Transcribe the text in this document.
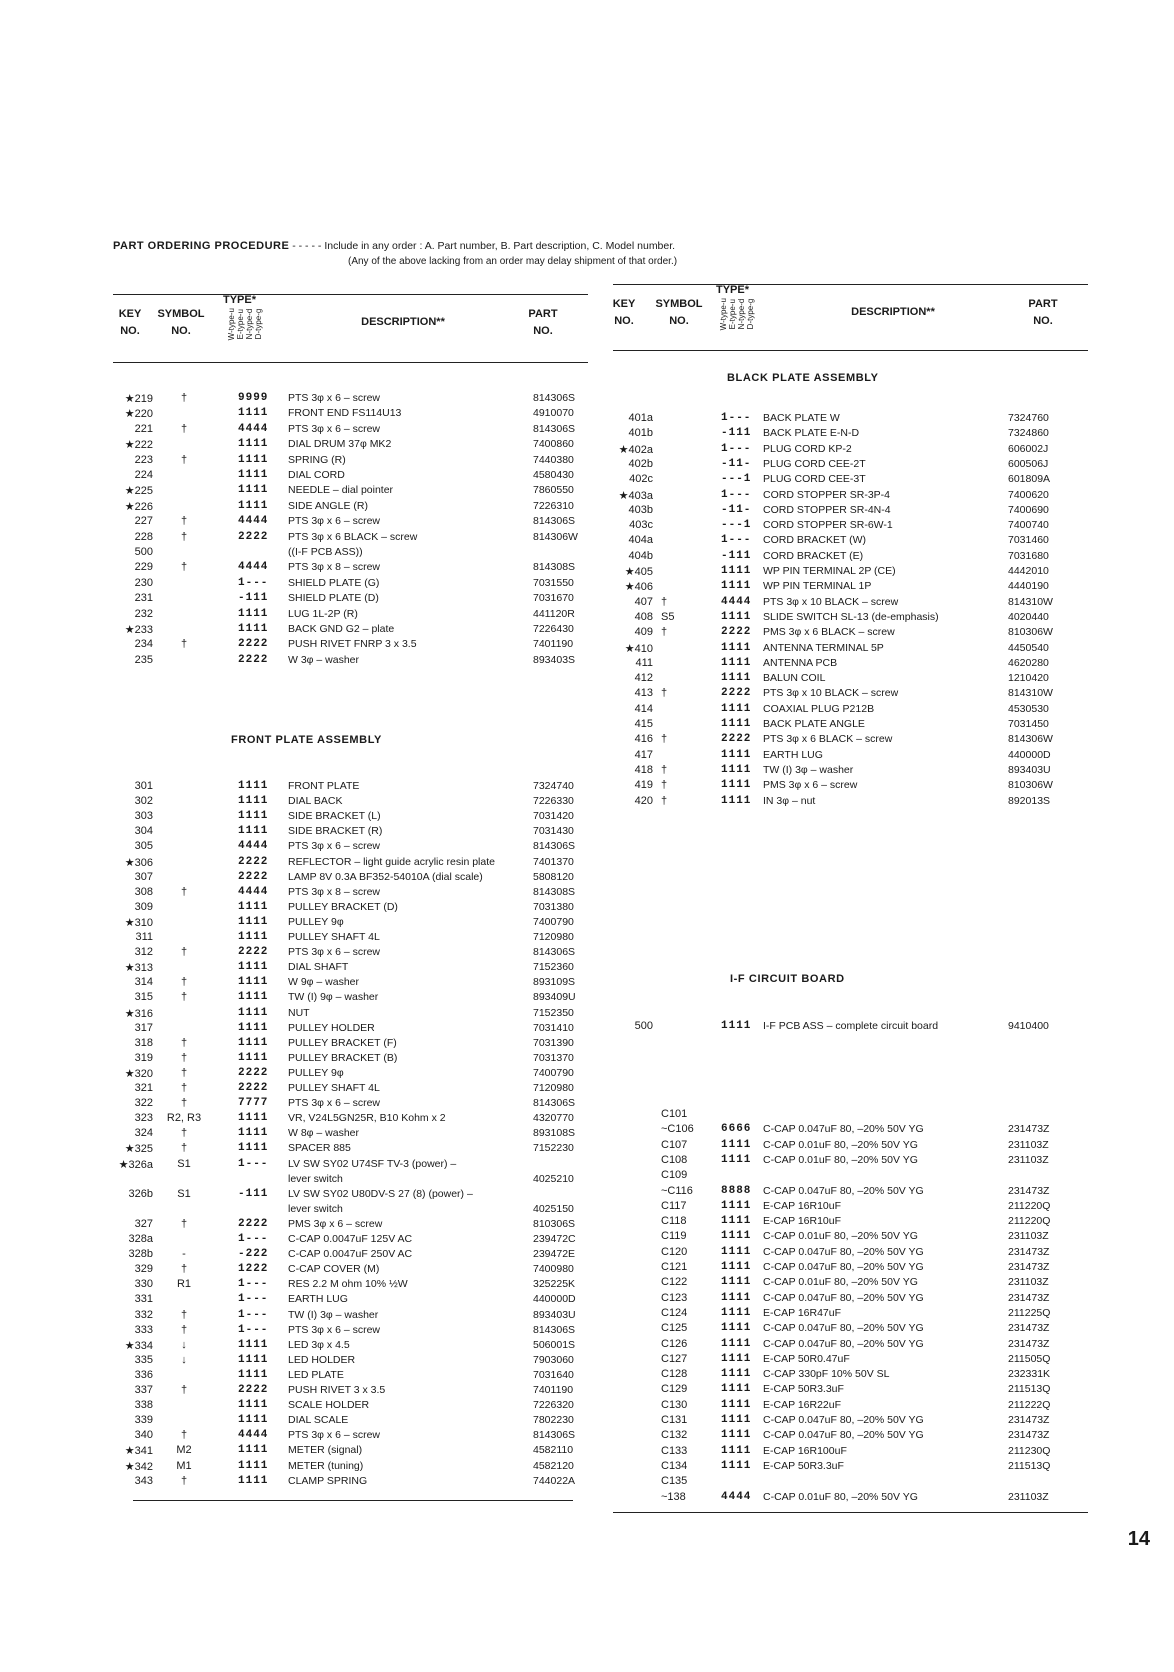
PART ORDERING PROCEDURE - - - - - Include in any order : A. Part number, B. Part description, C. Model number.
(Any of the above lacking from an order may delay shipment of that order.)
KEY
NO.
SYMBOL
NO.
TYPE*
W-type-u
E-type-u
N-type-d
D-type-g	DESCRIPTION**
PART
NO.
★219	†	9999 PTS 3φ x 6 – screw	814306S
★220	1111 FRONT END FS114U13	4910070
221	†	4444 PTS 3φ x 6 – screw	814306S
★222	1111 DIAL DRUM 37φ MK2	7400860
223	†	1111 SPRING (R)	7440380
224	1111 DIAL CORD	4580430
★225	1111 NEEDLE – dial pointer	7860550
★226	1111 SIDE ANGLE (R)	7226310
227	†	4444 PTS 3φ x 6 – screw	814306S
228	†	2222 PTS 3φ x 6 BLACK – screw	814306W
500	((I-F PCB ASS))
229	†	4444 PTS 3φ x 8 – screw	814308S
230	1--- SHIELD PLATE (G)	7031550
231	-111 SHIELD PLATE (D)	7031670
232	1111 LUG 1L-2P (R)	441120R
★233	1111 BACK GND G2 – plate	7226430
234	†	2222 PUSH RIVET FNRP 3 x 3.5	7401190
235	2222 W 3φ – washer	893403S
FRONT PLATE ASSEMBLY
301	1111 FRONT PLATE	7324740
302	1111 DIAL BACK	7226330
303	1111 SIDE BRACKET (L)	7031420
304	1111 SIDE BRACKET (R)	7031430
305	4444 PTS 3φ x 6 – screw	814306S
★306	2222 REFLECTOR – light guide acrylic resin plate	7401370
307	2222 LAMP 8V 0.3A BF352-54010A (dial scale)	5808120
308	†	4444 PTS 3φ x 8 – screw	814308S
309	1111 PULLEY BRACKET (D)	7031380
★310	1111 PULLEY 9φ	7400790
311	1111 PULLEY SHAFT 4L	7120980
312	†	2222 PTS 3φ x 6 – screw	814306S
★313	1111 DIAL SHAFT	7152360
314	†	1111 W 9φ – washer	893109S
315	†	1111 TW (I) 9φ – washer	893409U
★316	1111 NUT	7152350
317	1111 PULLEY HOLDER	7031410
318	†	1111 PULLEY BRACKET (F)	7031390
319	†	1111 PULLEY BRACKET (B)	7031370
★320	†	2222 PULLEY 9φ	7400790
321	†	2222 PULLEY SHAFT 4L	7120980
322	†	7777 PTS 3φ x 6 – screw	814306S
323	R2, R3	1111 VR, V24L5GN25R, B10 Kohm x 2	4320770
324	†	1111 W 8φ – washer	893108S
★325	†	1111 SPACER 885	7152230
★326a	S1	1--- LV SW SY02 U74SF TV-3 (power) –
lever switch	4025210
326b	S1	-111 LV SW SY02 U80DV-S 27 (8) (power) –
lever switch	4025150
327	†	2222 PMS 3φ x 6 – screw	810306S
328a	1--- C-CAP 0.0047uF 125V AC	239472C
328b	-	-222 C-CAP 0.0047uF 250V AC	239472E
329	†	1222 C-CAP COVER (M)	7400980
330	R1	1--- RES 2.2 M ohm 10% ½W	325225K
331	1--- EARTH LUG	440000D
332	†	1--- TW (I) 3φ – washer	893403U
333	†	1--- PTS 3φ x 6 – screw	814306S
★334	↓	1111 LED 3φ x 4.5	506001S
335	↓	1111 LED HOLDER	7903060
336	1111 LED PLATE	7031640
337	†	2222 PUSH RIVET 3 x 3.5	7401190
338	1111 SCALE HOLDER	7226320
339	1111 DIAL SCALE	7802230
340	†	4444 PTS 3φ x 6 – screw	814306S
★341	M2	1111 METER (signal)	4582110
★342	M1	1111 METER (tuning)	4582120
343	†	1111 CLAMP SPRING	744022A
KEY
NO.
SYMBOL
NO.
TYPE*
W-type-u
E-type-u
N-type-d
D-type-g	DESCRIPTION**
PART
NO.
BLACK PLATE ASSEMBLY
401a	1--- BACK PLATE W	7324760
401b	-111 BACK PLATE E-N-D	7324860
★402a	1--- PLUG CORD KP-2	606002J
402b	-11- PLUG CORD CEE-2T	600506J
402c	---1 PLUG CORD CEE-3T	601809A
★403a	1--- CORD STOPPER SR-3P-4	7400620
403b	-11- CORD STOPPER SR-4N-4	7400690
403c	---1 CORD STOPPER SR-6W-1	7400740
404a	1--- CORD BRACKET (W)	7031460
404b	-111 CORD BRACKET (E)	7031680
★405	1111 WP PIN TERMINAL 2P (CE)	4442010
★406	1111 WP PIN TERMINAL 1P	4440190
407 †	4444 PTS 3φ x 10 BLACK – screw	814310W
408 S5	1111 SLIDE SWITCH SL-13 (de-emphasis)	4020440
409 †	2222 PMS 3φ x 6 BLACK – screw	810306W
★410	1111 ANTENNA TERMINAL 5P	4450540
411	1111 ANTENNA PCB	4620280
412	1111 BALUN COIL	1210420
413 †	2222 PTS 3φ x 10 BLACK – screw	814310W
414	1111 COAXIAL PLUG P212B	4530530
415	1111 BACK PLATE ANGLE	7031450
416 †	2222 PTS 3φ x 6 BLACK – screw	814306W
417	1111 EARTH LUG	440000D
418 †	1111 TW (I) 3φ – washer	893403U
419 †	1111 PMS 3φ x 6 – screw	810306W
420 †	1111 IN 3φ – nut	892013S
I-F CIRCUIT BOARD
500	1111 I-F PCB ASS – complete circuit board	9410400
C101
~C106	6666 C-CAP 0.047uF 80, –20% 50V YG	231473Z
C107	1111 C-CAP 0.01uF 80, –20% 50V YG	231103Z
C108	1111 C-CAP 0.01uF 80, –20% 50V YG	231103Z
C109
~C116	8888 C-CAP 0.047uF 80, –20% 50V YG	231473Z
C117	1111 E-CAP 16R10uF	211220Q
C118	1111 E-CAP 16R10uF	211220Q
C119	1111 C-CAP 0.01uF 80, –20% 50V YG	231103Z
C120	1111 C-CAP 0.047uF 80, –20% 50V YG	231473Z
C121	1111 C-CAP 0.047uF 80, –20% 50V YG	231473Z
C122	1111 C-CAP 0.01uF 80, –20% 50V YG	231103Z
C123	1111 C-CAP 0.047uF 80, –20% 50V YG	231473Z
C124	1111 E-CAP 16R47uF	211225Q
C125	1111 C-CAP 0.047uF 80, –20% 50V YG	231473Z
C126	1111 C-CAP 0.047uF 80, –20% 50V YG	231473Z
C127	1111 E-CAP 50R0.47uF	211505Q
C128	1111 C-CAP 330pF 10% 50V SL	232331K
C129	1111 E-CAP 50R3.3uF	211513Q
C130	1111 E-CAP 16R22uF	211222Q
C131	1111 C-CAP 0.047uF 80, –20% 50V YG	231473Z
C132	1111 C-CAP 0.047uF 80, –20% 50V YG	231473Z
C133	1111 E-CAP 16R100uF	211230Q
C134	1111 E-CAP 50R3.3uF	211513Q
C135
~138	4444 C-CAP 0.01uF 80, –20% 50V YG	231103Z
14
